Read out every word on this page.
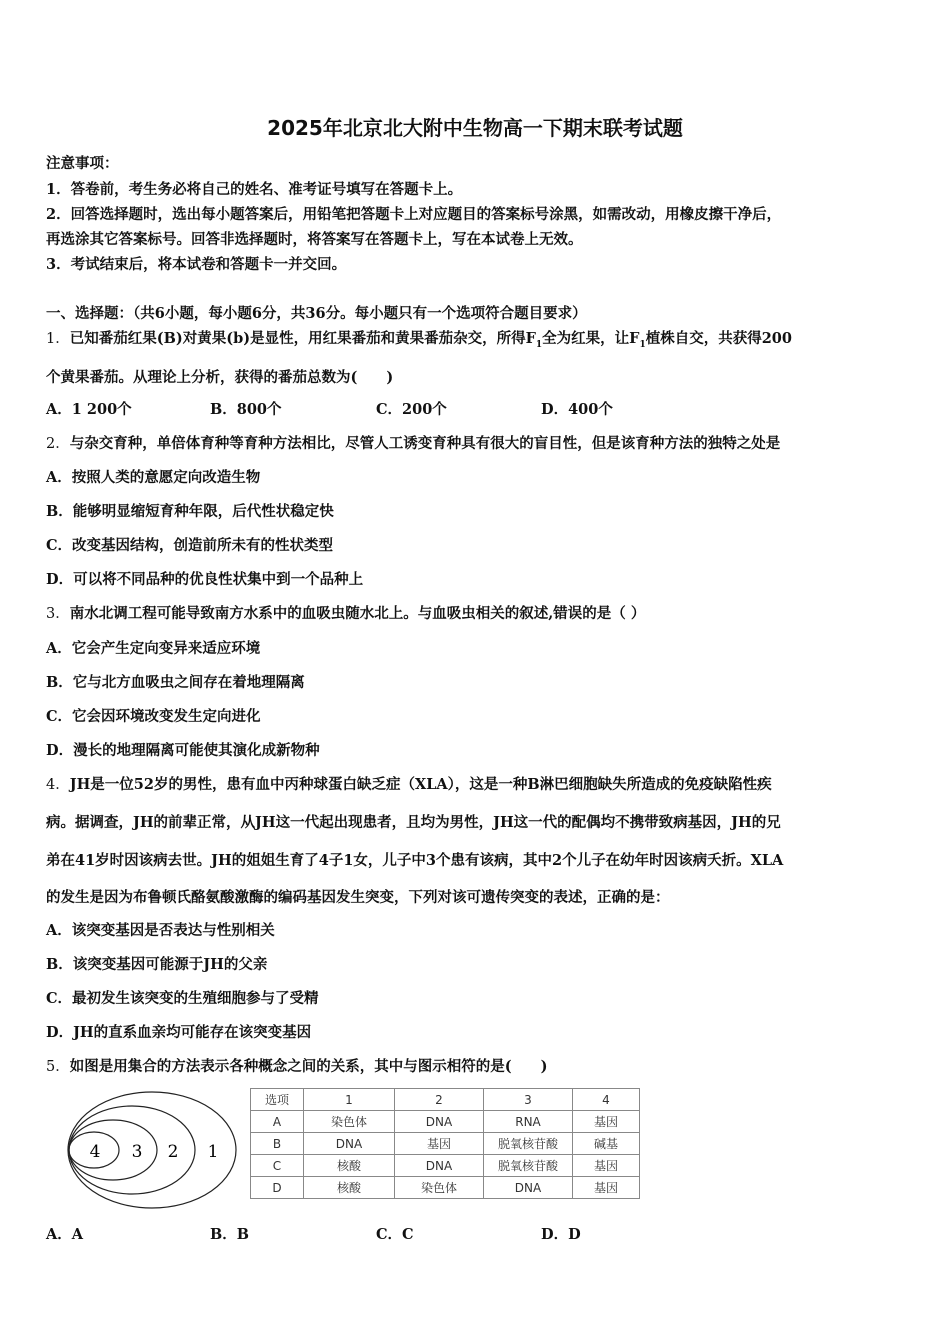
2025年北京北大附中生物高一下期末联考试题
注意事项：
1．答卷前，考生务必将自己的姓名、准考证号填写在答题卡上。
2．回答选择题时，选出每小题答案后，用铅笔把答题卡上对应题目的答案标号涂黑，如需改动，用橡皮擦干净后，
再选涂其它答案标号。回答非选择题时，将答案写在答题卡上，写在本试卷上无效。
3．考试结束后，将本试卷和答题卡一并交回。
一、选择题：（共6小题，每小题6分，共36分。每小题只有一个选项符合题目要求）
1．已知番茄红果(B)对黄果(b)是显性，用红果番茄和黄果番茄杂交，所得$F_1$全为红果，让$F_1$植株自交，共获得200
个黄果番茄。从理论上分析，获得的番茄总数为(　　)
A．1 200个	B．800个	C．200个	D．400个
2．与杂交育种，单倍体育种等育种方法相比，尽管人工诱变育种具有很大的盲目性，但是该育种方法的独特之处是
A．按照人类的意愿定向改造生物
B．能够明显缩短育种年限，后代性状稳定快
C．改变基因结构，创造前所未有的性状类型
D．可以将不同品种的优良性状集中到一个品种上
3．南水北调工程可能导致南方水系中的血吸虫随水北上。与血吸虫相关的叙述,错误的是（ ）
A．它会产生定向变异来适应环境
B．它与北方血吸虫之间存在着地理隔离
C．它会因环境改变发生定向进化
D．漫长的地理隔离可能使其演化成新物种
4．JH是一位52岁的男性，患有血中丙种球蛋白缺乏症（XLA），这是一种B淋巴细胞缺失所造成的免疫缺陷性疾
病。据调查，JH的前辈正常，从JH这一代起出现患者，且均为男性，JH这一代的配偶均不携带致病基因，JH的兄
弟在41岁时因该病去世。JH的姐姐生育了4子1女，儿子中3个患有该病，其中2个儿子在幼年时因该病夭折。XLA
的发生是因为布鲁顿氏酪氨酸激酶的编码基因发生突变，下列对该可遗传突变的表述，正确的是：
A．该突变基因是否表达与性别相关
B．该突变基因可能源于JH的父亲
C．最初发生该突变的生殖细胞参与了受精
D．JH的直系血亲均可能存在该突变基因
5．如图是用集合的方法表示各种概念之间的关系，其中与图示相符的是(　　)
4 3 2 1
选项	1	2	3	4
A	染色体	DNA	RNA	基因
B	DNA	基因	脱氧核苷酸	碱基
C	核酸	DNA	脱氧核苷酸	基因
D	核酸	染色体	DNA	基因
A．A	B．B	C．C	D．D
